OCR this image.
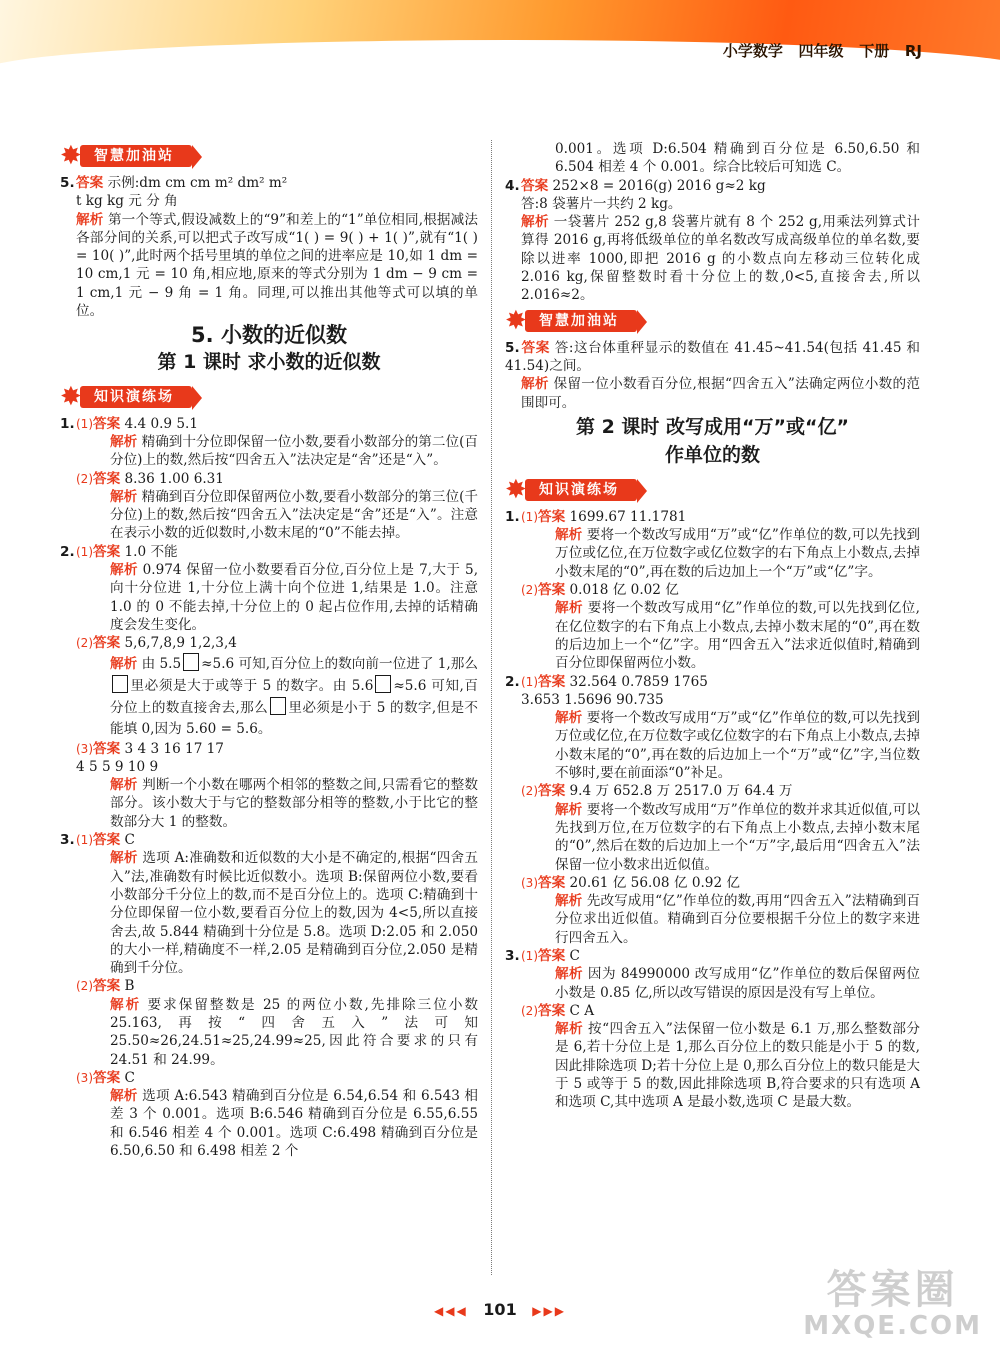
小学数学   四年级   下册   RJ
✸ 智慧加油站

5.答案 示例:dm cm cm m² dm² m²

t kg kg 元 分 角

解析 第一个等式,假设减数上的“9”和差上的“1”单位相同,根据减法各部分间的关系,可以把式子改写成“1( ) = 9( ) + 1( )”,就有“1( ) = 10( )”,此时两个括号里填的单位之间的进率应是 10,如 1 dm = 10 cm,1 元 = 10 角,相应地,原来的等式分别为 1 dm − 9 cm = 1 cm,1 元 − 9 角 = 1 角。同理,可以推出其他等式可以填的单位。

5. 小数的近似数
第 1 课时 求小数的近似数
✸ 知识演练场

1.(1)答案 4.4 0.9 5.1

解析 精确到十分位即保留一位小数,要看小数部分的第二位(百分位)上的数,然后按“四舍五入”法决定是“舍”还是“入”。

(2)答案 8.36 1.00 6.31

解析 精确到百分位即保留两位小数,要看小数部分的第三位(千分位)上的数,然后按“四舍五入”法决定是“舍”还是“入”。注意在表示小数的近似数时,小数末尾的“0”不能去掉。

2.(1)答案 1.0 不能

解析 0.974 保留一位小数要看百分位,百分位上是 7,大于 5,向十分位进 1,十分位上满十向个位进 1,结果是 1.0。注意 1.0 的 0 不能去掉,十分位上的 0 起占位作用,去掉的话精确度会发生变化。

(2)答案 5,6,7,8,9 1,2,3,4

解析 由 5.5 ≈5.6 可知,百分位上的数向前一位进了 1,那么里必须是大于或等于 5 的数字。由 5.6 ≈5.6 可知,百分位上的数直接舍去,那么 里必须是小于 5 的数字,但是不能填 0,因为 5.60 = 5.6。

(3)答案 3 4 3 16 17 17

4 5 5 9 10 9

解析 判断一个小数在哪两个相邻的整数之间,只需看它的整数部分。该小数大于与它的整数部分相等的整数,小于比它的整数部分大 1 的整数。

3.(1)答案 C

解析 选项 A:准确数和近似数的大小是不确定的,根据“四舍五入”法,准确数有时候比近似数小。选项 B:保留两位小数,要看小数部分千分位上的数,而不是百分位上的。选项 C:精确到十分位即保留一位小数,要看百分位上的数,因为 4<5,所以直接舍去,故 5.844 精确到十分位是 5.8。选项 D:2.05 和 2.050 的大小一样,精确度不一样,2.05 是精确到百分位,2.050 是精确到千分位。

(2)答案 B

解析 要求保留整数是 25 的两位小数,先排除三位小数 25.163,再按“四舍五入”法可知 25.50≈26,24.51≈25,24.99≈25,因此符合要求的只有 24.51 和 24.99。

(3)答案 C

解析 选项 A:6.543 精确到百分位是 6.54,6.54 和 6.543 相差 3 个 0.001。选项 B:6.546 精确到百分位是 6.55,6.55 和 6.546 相差 4 个 0.001。选项 C:6.498 精确到百分位是 6.50,6.50 和 6.498 相差 2 个

0.001。选项 D:6.504 精确到百分位是 6.50,6.50 和 6.504 相差 4 个 0.001。综合比较后可知选 C。

4.答案 252×8 = 2016(g) 2016 g≈2 kg

答:8 袋薯片一共约 2 kg。

解析 一袋薯片 252 g,8 袋薯片就有 8 个 252 g,用乘法列算式计算得 2016 g,再将低级单位的单名数改写成高级单位的单名数,要除以进率 1000,即把 2016 g 的小数点向左移动三位转化成 2.016 kg,保留整数时看十分位上的数,0<5,直接舍去,所以 2.016≈2。

✸ 智慧加油站

5.答案 答:这台体重秤显示的数值在 41.45~41.54(包括 41.45 和 41.54)之间。

解析 保留一位小数看百分位,根据“四舍五入”法确定两位小数的范围即可。

第 2 课时 改写成用“万”或“亿”
作单位的数
✸ 知识演练场

1.(1)答案 1699.67 11.1781

解析 要将一个数改写成用“万”或“亿”作单位的数,可以先找到万位或亿位,在万位数字或亿位数字的右下角点上小数点,去掉小数末尾的“0”,再在数的后边加上一个“万”或“亿”字。

(2)答案 0.018 亿 0.02 亿

解析 要将一个数改写成用“亿”作单位的数,可以先找到亿位,在亿位数字的右下角点上小数点,去掉小数末尾的“0”,再在数的后边加上一个“亿”字。用“四舍五入”法求近似值时,精确到百分位即保留两位小数。

2.(1)答案 32.564 0.7859 1765

3.653 1.5696 90.735

解析 要将一个数改写成用“万”或“亿”作单位的数,可以先找到万位或亿位,在万位数字或亿位数字的右下角点上小数点,去掉小数末尾的“0”,再在数的后边加上一个“万”或“亿”字,当位数不够时,要在前面添“0”补足。

(2)答案 9.4 万 652.8 万 2517.0 万 64.4 万

解析 要将一个数改写成用“万”作单位的数并求其近似值,可以先找到万位,在万位数字的右下角点上小数点,去掉小数末尾的“0”,然后在数的后边加上一个“万”字,最后用“四舍五入”法保留一位小数求出近似值。

(3)答案 20.61 亿 56.08 亿 0.92 亿

解析 先改写成用“亿”作单位的数,再用“四舍五入”法精确到百分位求出近似值。精确到百分位要根据千分位上的数字来进行四舍五入。

3.(1)答案 C

解析 因为 84990000 改写成用“亿”作单位的数后保留两位小数是 0.85 亿,所以改写错误的原因是没有写上单位。

(2)答案 C A

解析 按“四舍五入”法保留一位小数是 6.1 万,那么整数部分是 6,若十分位上是 1,那么百分位上的数只能是小于 5 的数,因此排除选项 D;若十分位上是 0,那么百分位上的数只能是大于 5 或等于 5 的数,因此排除选项 B,符合要求的只有选项 A 和选项 C,其中选项 A 是最小数,选项 C 是最大数。

◀◀◀ 101 ▶▶▶	答案圈
MXQE.COM
